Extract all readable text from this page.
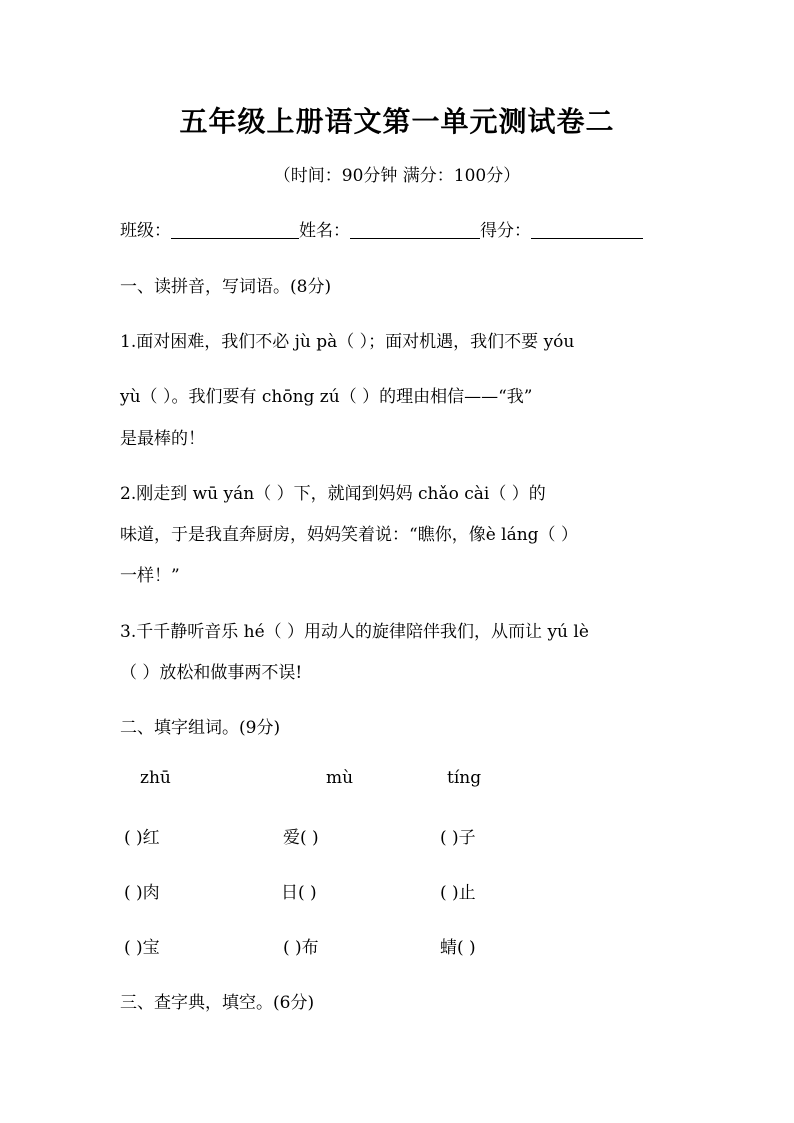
五年级上册语文第一单元测试卷二
（时间：90分钟 满分：100分）
班级：	姓名：	得分：
一、读拼音，写词语。(8分)
1.面对困难，我们不必 jù pà（ ）；面对机遇，我们不要 yóu
yù（ ）。我们要有 chōng zú（ ）的理由相信——“我”
是最棒的！
2.刚走到 wū yán（ ）下，就闻到妈妈 chǎo cài（ ）的
味道，于是我直奔厨房，妈妈笑着说：“瞧你，像è láng（ ）
一样！”
3.千千静听音乐 hé（ ）用动人的旋律陪伴我们，从而让 yú lè
（ ）放松和做事两不误!
二、填字组词。(9分)
zhū	mù	tíng
( )红	爱( )	( )子
( )肉	日( )	( )止
( )宝	( )布	蜻( )
三、查字典，填空。(6分)
